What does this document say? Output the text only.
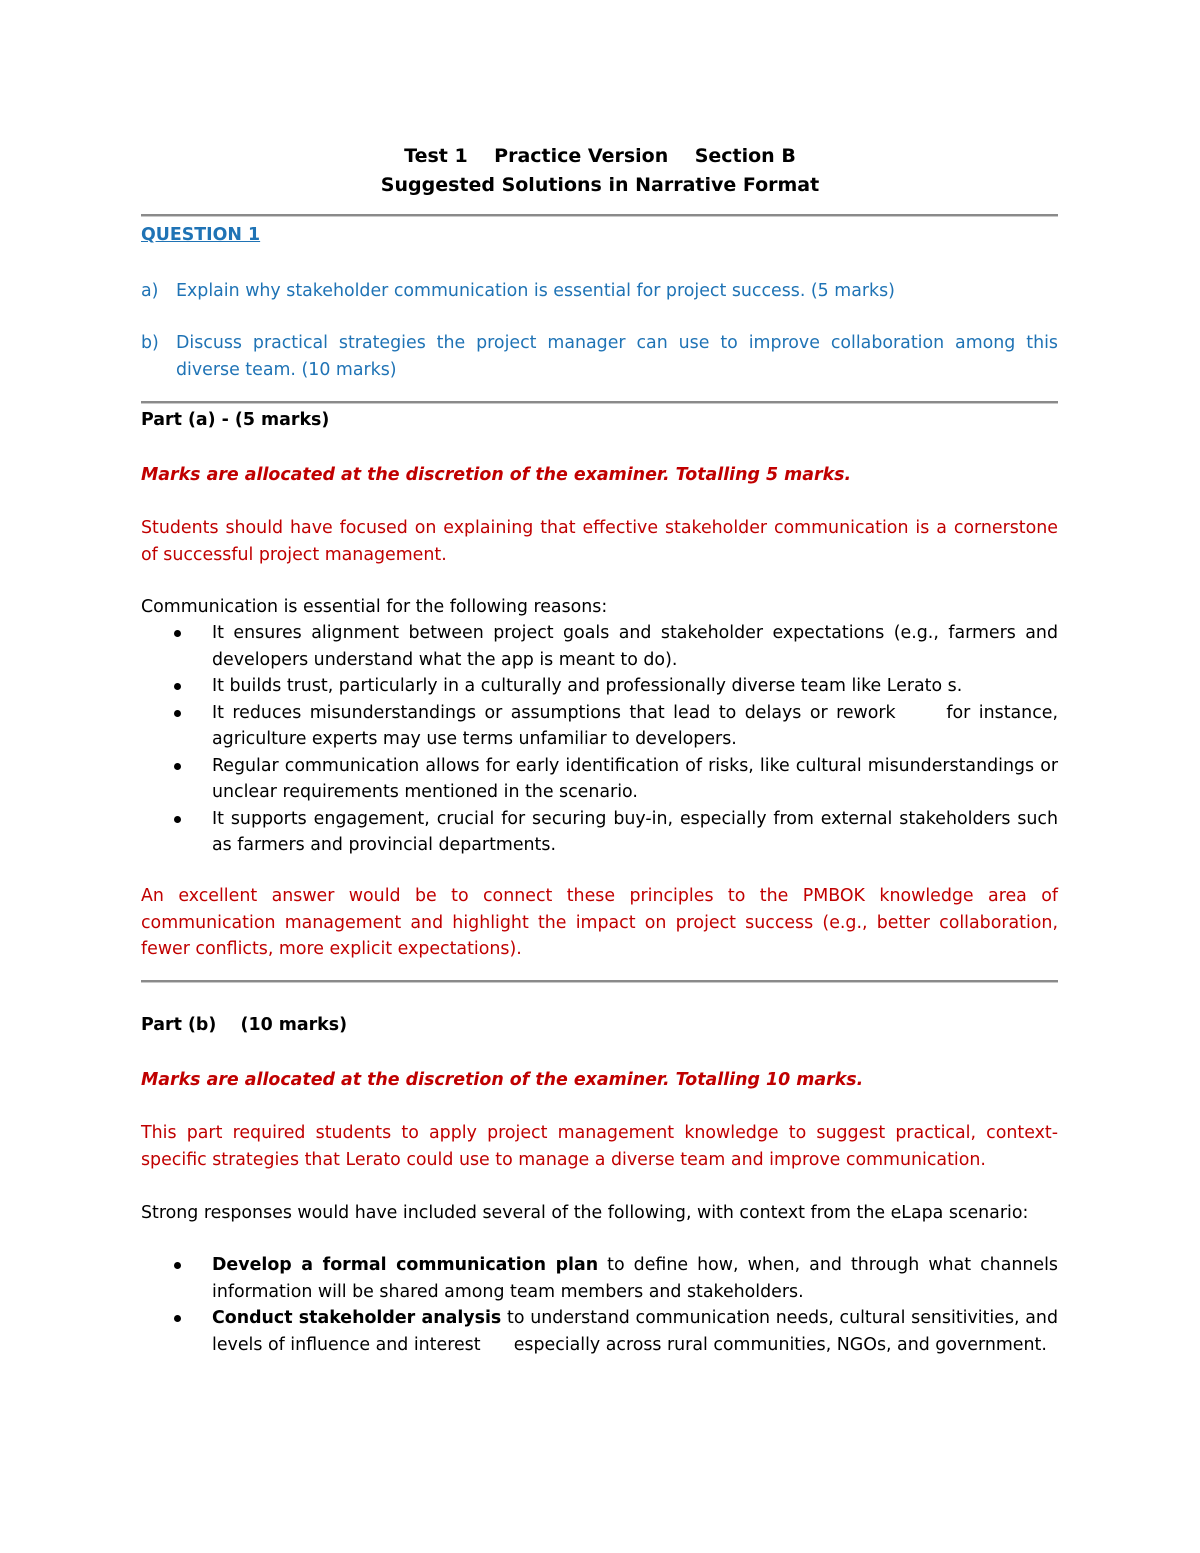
Test 1    Practice Version    Section B
Suggested Solutions in Narrative Format
QUESTION 1
a)	Explain why stakeholder communication is essential for project success. (5 marks)
b) Discuss practical strategies the project manager can use to improve collaboration among this diverse team. (10 marks)
Part (a) - (5 marks)
Marks are allocated at the discretion of the examiner. Totalling 5 marks.
Students should have focused on explaining that effective stakeholder communication is a cornerstone of successful project management.
Communication is essential for the following reasons:
It ensures alignment between project goals and stakeholder expectations (e.g., farmers and developers understand what the app is meant to do).
It builds trust, particularly in a culturally and professionally diverse team like Lerato s.
It reduces misunderstandings or assumptions that lead to delays or rework      for instance, agriculture experts may use terms unfamiliar to developers.
Regular communication allows for early identification of risks, like cultural misunderstandings or unclear requirements mentioned in the scenario.
It supports engagement, crucial for securing buy-in, especially from external stakeholders such as farmers and provincial departments.
An excellent answer would be to connect these principles to the PMBOK knowledge area of communication management and highlight the impact on project success (e.g., better collaboration, fewer conflicts, more explicit expectations).
Part (b)    (10 marks)
Marks are allocated at the discretion of the examiner. Totalling 10 marks.
This part required students to apply project management knowledge to suggest practical, context-specific strategies that Lerato could use to manage a diverse team and improve communication.
Strong responses would have included several of the following, with context from the eLapa scenario:
Develop a formal communication plan to define how, when, and through what channels information will be shared among team members and stakeholders.
Conduct stakeholder analysis to understand communication needs, cultural sensitivities, and levels of influence and interest      especially across rural communities, NGOs, and government.
